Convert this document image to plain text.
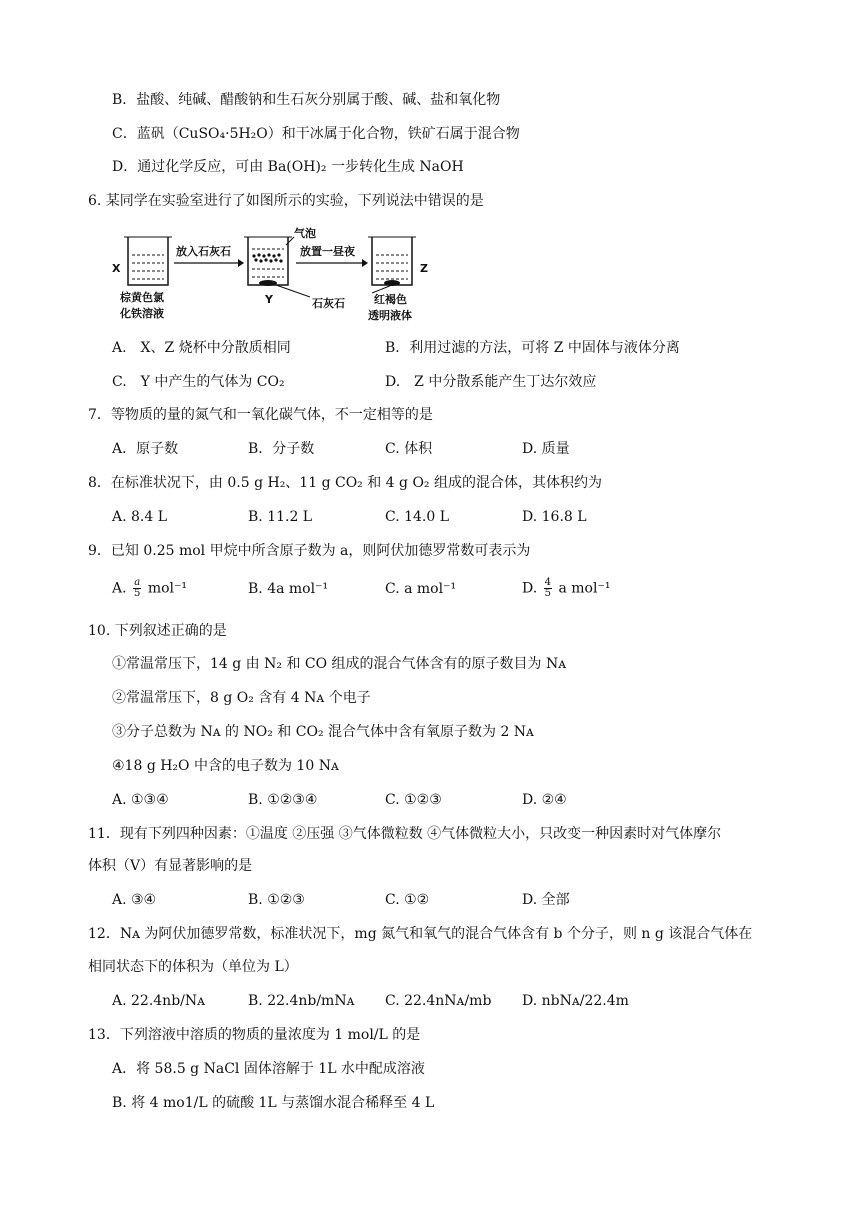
B．盐酸、纯碱、醋酸钠和生石灰分别属于酸、碱、盐和氧化物
C．蓝矾（CuSO₄·5H₂O）和干冰属于化合物，铁矿石属于混合物
D．通过化学反应，可由 Ba(OH)₂ 一步转化生成 NaOH
6. 某同学在实验室进行了如图所示的实验，下列说法中错误的是
X
棕黄色氯
化铁溶液
放入石灰石
气泡
Y	石灰石
放置一昼夜
Z
红褐色
透明液体
A.　X、Z 烧杯中分散质相同	B．利用过滤的方法，可将 Z 中固体与液体分离
C.　Y 中产生的气体为 CO₂	D.　Z 中分散系能产生丁达尔效应
7．等物质的量的氮气和一氧化碳气体，不一定相等的是
A．原子数	B．分子数	C. 体积	D. 质量
8．在标准状况下，由 0.5 g H₂、11 g CO₂ 和 4 g O₂ 组成的混合体，其体积约为
A. 8.4 L	B. 11.2 L	C. 14.0 L	D. 16.8 L
9．已知 0.25 mol 甲烷中所含原子数为 a，则阿伏加德罗常数可表示为
A. $\frac{a}{5} mol^{-1}$	B. 4a mol⁻¹	C. a mol⁻¹	D. $\frac{4}{5}$ a mol⁻¹
10. 下列叙述正确的是
①常温常压下，14 g 由 N₂ 和 CO 组成的混合气体含有的原子数目为 Nᴀ
②常温常压下，8 g O₂ 含有 4 Nᴀ 个电子
③分子总数为 Nᴀ 的 NO₂ 和 CO₂ 混合气体中含有氧原子数为 2 Nᴀ
④18 g H₂O 中含的电子数为 10 Nᴀ
A. ①③④	B. ①②③④	C. ①②③	D. ②④
11．现有下列四种因素：①温度 ②压强 ③气体微粒数 ④气体微粒大小，只改变一种因素时对气体摩尔
体积（V）有显著影响的是
A. ③④	B. ①②③	C. ①②	D. 全部
12．Nᴀ 为阿伏加德罗常数，标准状况下，mg 氮气和氧气的混合气体含有 b 个分子，则 n g 该混合气体在
相同状态下的体积为（单位为 L）
A. 22.4nb/Nᴀ	B. 22.4nb/mNᴀ C. 22.4nNᴀ/mb D. nbNᴀ/22.4m
13．下列溶液中溶质的物质的量浓度为 1 mol/L 的是
A．将 58.5 g NaCl 固体溶解于 1L 水中配成溶液
B. 将 4 mo1/L 的硫酸 1L 与蒸馏水混合稀释至 4 L
